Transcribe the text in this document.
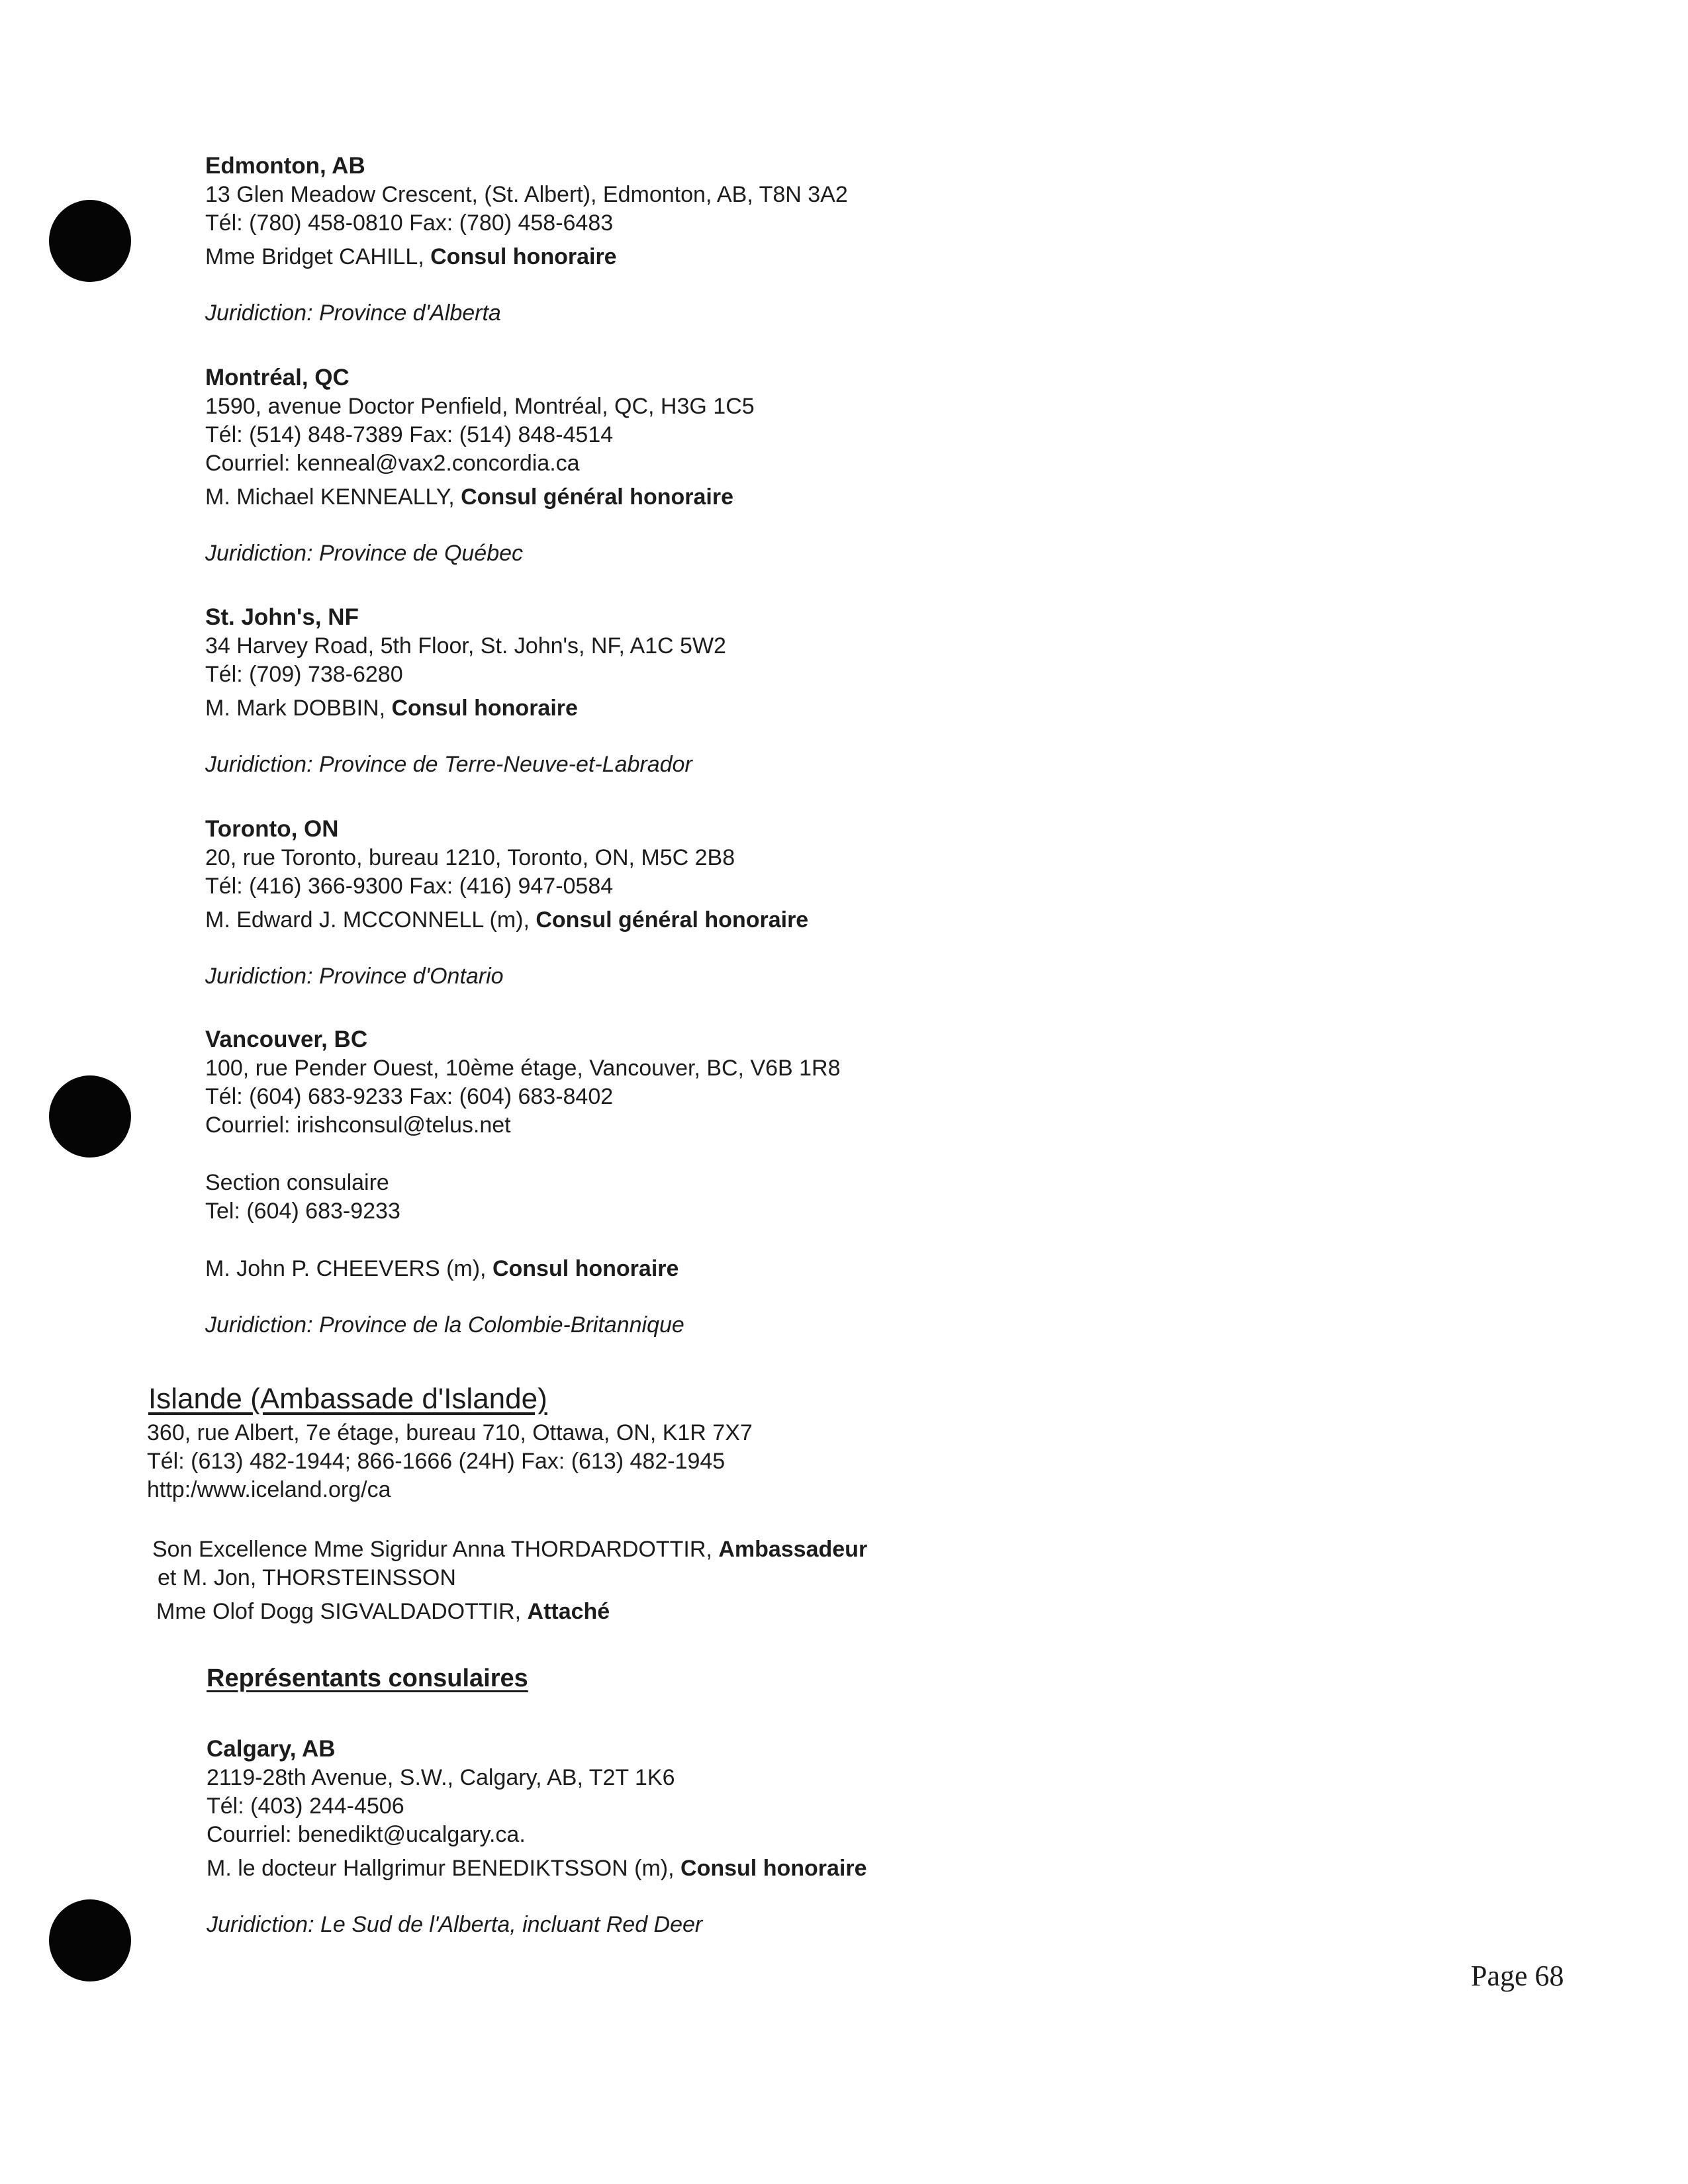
Edmonton, AB
13 Glen Meadow Crescent, (St. Albert), Edmonton, AB, T8N 3A2
Tél: (780) 458-0810 Fax: (780) 458-6483
Mme Bridget CAHILL, Consul honoraire
Juridiction: Province d'Alberta
Montréal, QC
1590, avenue Doctor Penfield, Montréal, QC, H3G 1C5
Tél: (514) 848-7389 Fax: (514) 848-4514
Courriel: kenneal@vax2.concordia.ca
M. Michael KENNEALLY, Consul général honoraire
Juridiction: Province de Québec
St. John's, NF
34 Harvey Road, 5th Floor, St. John's, NF, A1C 5W2
Tél: (709) 738-6280
M. Mark DOBBIN, Consul honoraire
Juridiction: Province de Terre-Neuve-et-Labrador
Toronto, ON
20, rue Toronto, bureau 1210, Toronto, ON, M5C 2B8
Tél: (416) 366-9300 Fax: (416) 947-0584
M. Edward J. MCCONNELL (m), Consul général honoraire
Juridiction: Province d'Ontario
Vancouver, BC
100, rue Pender Ouest, 10ème étage, Vancouver, BC, V6B 1R8
Tél: (604) 683-9233 Fax: (604) 683-8402
Courriel: irishconsul@telus.net
Section consulaire
Tel: (604) 683-9233
M. John P. CHEEVERS (m), Consul honoraire
Juridiction: Province de la Colombie-Britannique
Islande (Ambassade d'Islande)
360, rue Albert, 7e étage, bureau 710, Ottawa, ON, K1R 7X7
Tél: (613) 482-1944; 866-1666 (24H) Fax: (613) 482-1945
http:/www.iceland.org/ca
Son Excellence Mme Sigridur Anna THORDARDOTTIR, Ambassadeur
et M. Jon, THORSTEINSSON
Mme Olof Dogg SIGVALDADOTTIR, Attaché
Représentants consulaires
Calgary, AB
2119-28th Avenue, S.W., Calgary, AB, T2T 1K6
Tél: (403) 244-4506
Courriel: benedikt@ucalgary.ca.
M. le docteur Hallgrimur BENEDIKTSSON (m), Consul honoraire
Juridiction: Le Sud de l'Alberta, incluant Red Deer
Page 68
